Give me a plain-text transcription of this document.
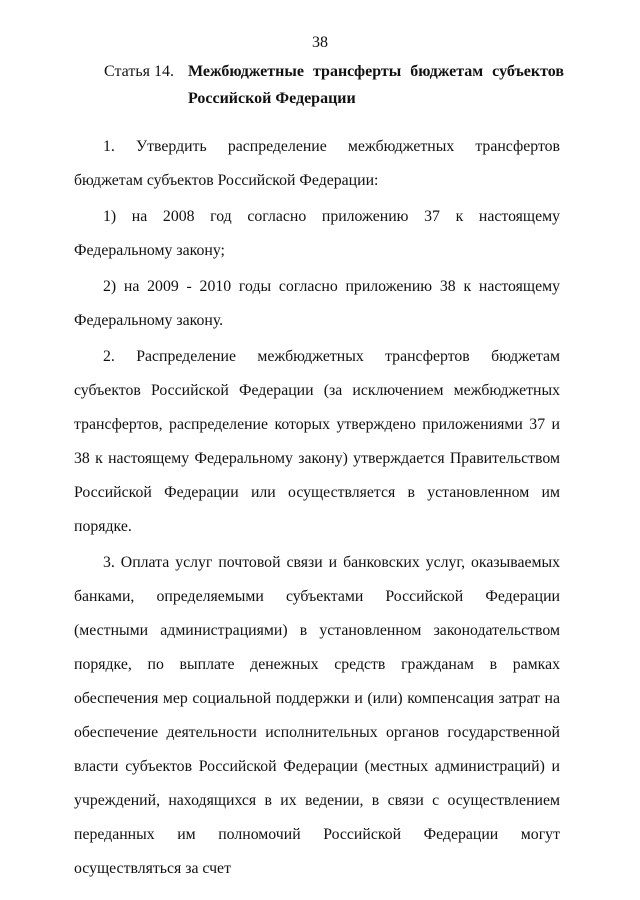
38
Статья 14. Межбюджетные трансферты бюджетам субъектов Российской Федерации

1. Утвердить распределение межбюджетных трансфертов бюджетам субъектов Российской Федерации:

1) на 2008 год согласно приложению 37 к настоящему Федеральному закону;

2) на 2009 - 2010 годы согласно приложению 38 к настоящему Федеральному закону.

2. Распределение межбюджетных трансфертов бюджетам субъектов Российской Федерации (за исключением межбюджетных трансфертов, распределение которых утверждено приложениями 37 и 38 к настоящему Федеральному закону) утверждается Правительством Российской Федерации или осуществляется в установленном им порядке.

3. Оплата услуг почтовой связи и банковских услуг, оказываемых банками, определяемыми субъектами Российской Федерации (местными администрациями) в установленном законодательством порядке, по выплате денежных средств гражданам в рамках обеспечения мер социальной поддержки и (или) компенсация затрат на обеспечение деятельности исполнительных органов государственной власти субъектов Российской Федерации (местных администраций) и учреждений, находящихся в их ведении, в связи с осуществлением переданных им полномочий Российской Федерации могут осуществляться за счет
